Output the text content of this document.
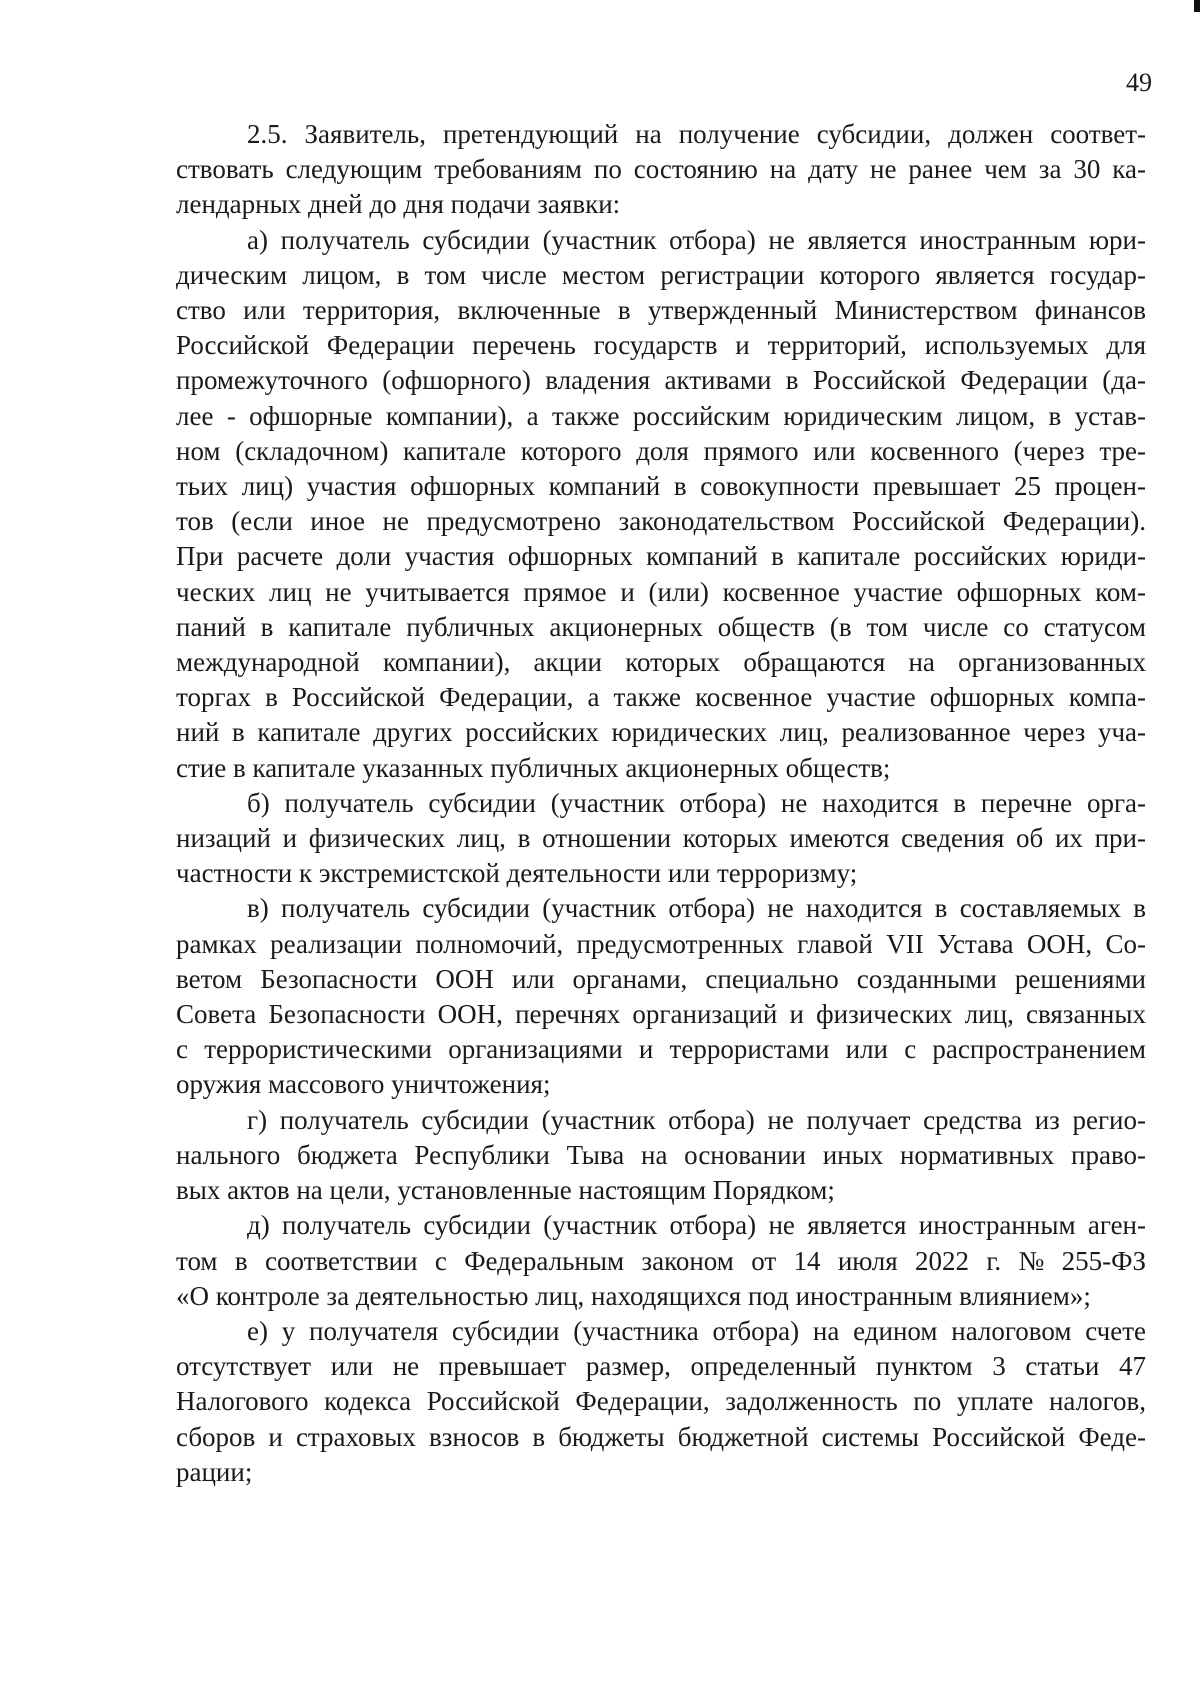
49

2.5. Заявитель, претендующий на получение субсидии, должен соответ-
ствовать следующим требованиям по состоянию на дату не ранее чем за 30 ка-
лендарных дней до дня подачи заявки:

а) получатель субсидии (участник отбора) не является иностранным юри-
дическим лицом, в том числе местом регистрации которого является государ-
ство или территория, включенные в утвержденный Министерством финансов
Российской Федерации перечень государств и территорий, используемых для
промежуточного (офшорного) владения активами в Российской Федерации (да-
лее - офшорные компании), а также российским юридическим лицом, в устав-
ном (складочном) капитале которого доля прямого или косвенного (через тре-
тьих лиц) участия офшорных компаний в совокупности превышает 25 процен-
тов (если иное не предусмотрено законодательством Российской Федерации).
При расчете доли участия офшорных компаний в капитале российских юриди-
ческих лиц не учитывается прямое и (или) косвенное участие офшорных ком-
паний в капитале публичных акционерных обществ (в том числе со статусом
международной компании), акции которых обращаются на организованных
торгах в Российской Федерации, а также косвенное участие офшорных компа-
ний в капитале других российских юридических лиц, реализованное через уча-
стие в капитале указанных публичных акционерных обществ;

б) получатель субсидии (участник отбора) не находится в перечне орга-
низаций и физических лиц, в отношении которых имеются сведения об их при-
частности к экстремистской деятельности или терроризму;

в) получатель субсидии (участник отбора) не находится в составляемых в
рамках реализации полномочий, предусмотренных главой VII Устава ООН, Со-
ветом Безопасности ООН или органами, специально созданными решениями
Совета Безопасности ООН, перечнях организаций и физических лиц, связанных
с террористическими организациями и террористами или с распространением
оружия массового уничтожения;

г) получатель субсидии (участник отбора) не получает средства из регио-
нального бюджета Республики Тыва на основании иных нормативных право-
вых актов на цели, установленные настоящим Порядком;

д) получатель субсидии (участник отбора) не является иностранным аген-
том в соответствии с Федеральным законом от 14 июля 2022 г. № 255-ФЗ
«О контроле за деятельностью лиц, находящихся под иностранным влиянием»;

е) у получателя субсидии (участника отбора) на едином налоговом счете
отсутствует или не превышает размер, определенный пунктом 3 статьи 47
Налогового кодекса Российской Федерации, задолженность по уплате налогов,
сборов и страховых взносов в бюджеты бюджетной системы Российской Феде-
рации;
